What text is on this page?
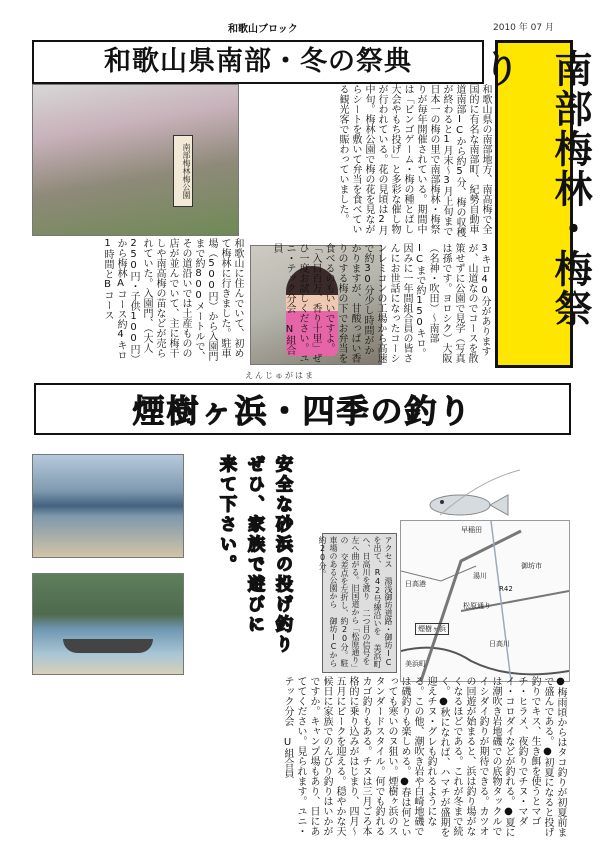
和歌山ブロック	2010 年 07 月
和歌山県南部・冬の祭典	南部梅林・梅祭り
南部梅林梅公園	和歌山県の南部地方、南高梅で全国的に有名な南部町、紀勢自動車道南部ICから約5分、梅の収穫が終わると1月末～3月上旬まで日本一の梅の里で南部梅林・梅祭りが毎年開催されている。期間中は「ビンゴゲーム・梅の種とばし大会やもち投げ」と多彩な催し物が行われている。花の見頃は2月中旬。梅林公園で梅の花を見ながらシートを敷いて弁当を食べている観光客で賑わっていました。
和歌山に住んでいて、初めて梅林に行きました。駐車場（500円）から入園門まで約800メートルで、その道沿いでは土産ものの店が並んでいて、主に梅干しや南高梅の苗などが売られていた。入園門、（大人250円・子供100円）から梅林Aコース約4キロ1時間とBコース	3キロ40分がありますが、山道なのでコースを散策せずに公園で見学（写真は孫です。ヨロシク）大阪（名神・吹田）～南部ICまで約150キロ。因みに一年間組合員の皆さんにお世話になったコーシンレミコンの工場から高速で約30分少し時間がかかりますが、甘酸っぱい香りのする梅の下でお弁当を食べるのもいいですよ。「入目百万、香り十里」ぜひ一度お試しください。ユニ・テック分会 N組合員
えんじゅがはま
煙樹ヶ浜・四季の釣り
安全な砂浜の投げ釣り ぜひ、家族で遊びに 来て下さい。
日高港
早稲田
湯川
御坊市
煙樹ヶ浜
R42
松原通り
日高川
美浜町
アクセス 湯浅御坊道路・御坊ICを出て、R42号線沿いを 美浜町へ、日高川を渡り 二つ目の信号を左へ曲がる。旧国道から「松原通り」の 交差点を左折し、約20分。駐車場のある公園から 御坊ICから約20分。
●梅雨頃からはタコ釣りが初夏前まで盛んである。●初夏になると投げ釣りでキス、生き餌を使うとマゴチ・ヒラメ、夜釣りでチヌ・マダイ・コロダイなどが釣れる。●夏には潮吹き岩地磯での底物タックルでイシダイ釣りが期待できる。カツオの回遊が始まると、浜は釣り場がなくなるほどである。これが冬まで続く。●秋になれば、ハマチが盛期を迎えチヌ・グレも釣れるようになる。この他、潮吹き岩や白崎地磯では磯釣りも楽しめる。●春は何といっても寒いのヌ狙い。煙樹ヶ浜のスタンダードスタイル。何でも釣れるカゴ釣りもある。チヌは三月ごろ本格的に乗り込みがはじまり、四月～五月にピークを迎える。穏やかな天候日に家族でのんびり釣りはいかがですか。キャンプ場もあり、日にあててください。見られます。ユニ・テック分会 U組合員
